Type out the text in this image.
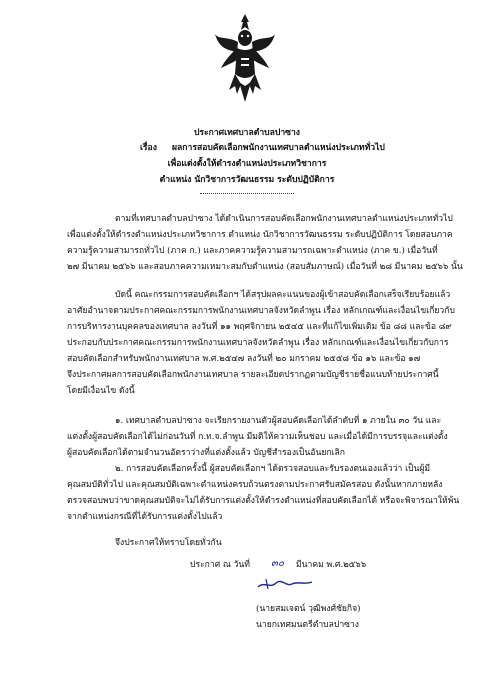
ประกาศเทศบาลตำบลปาซาง
เรื่อง ผลการสอบคัดเลือกพนักงานเทศบาลตำแหน่งประเภททั่วไป
เพื่อแต่งตั้งให้ดำรงตำแหน่งประเภทวิชาการ
ตำแหน่ง นักวิชาการวัฒนธรรม ระดับปฏิบัติการ
ตามที่เทศบาลตำบลปาซาง ได้ดำเนินการสอบคัดเลือกพนักงานเทศบาลตำแหน่งประเภททั่วไป
เพื่อแต่งตั้งให้ดำรงตำแหน่งประเภทวิชาการ ตำแหน่ง นักวิชาการวัฒนธรรม ระดับปฏิบัติการ โดยสอบภาค
ความรู้ความสามารถทั่วไป (ภาค ก.) และภาคความรู้ความสามารถเฉพาะตำแหน่ง (ภาค ข.) เมื่อวันที่
๒๗ มีนาคม ๒๕๖๖ และสอบภาคความเหมาะสมกับตำแหน่ง (สอบสัมภาษณ์) เมื่อวันที่ ๒๘ มีนาคม ๒๕๖๖ นั้น
บัดนี้ คณะกรรมการสอบคัดเลือกฯ ได้สรุปผลคะแนนของผู้เข้าสอบคัดเลือกเสร็จเรียบร้อยแล้ว
อาศัยอำนาจตามประกาศคณะกรรมการพนักงานเทศบาลจังหวัดลำพูน เรื่อง หลักเกณฑ์และเงื่อนไขเกี่ยวกับ
การบริหารงานบุคคลของเทศบาล ลงวันที่ ๑๑ พฤศจิกายน ๒๕๔๕ และที่แก้ไขเพิ่มเติม ข้อ ๘๘ และข้อ ๘๙
ประกอบกับประกาศคณะกรรมการพนักงานเทศบาลจังหวัดลำพูน เรื่อง หลักเกณฑ์และเงื่อนไขเกี่ยวกับการ
สอบคัดเลือกสำหรับพนักงานเทศบาล พ.ศ.๒๕๔๗ ลงวันที่ ๒๐ มกราคม ๒๕๕๘ ข้อ ๑๖ และข้อ ๑๗
จึงประกาศผลการสอบคัดเลือกพนักงานเทศบาล รายละเอียดปรากฏตามบัญชีรายชื่อแนบท้ายประกาศนี้
โดยมีเงื่อนไข ดังนี้
๑. เทศบาลตำบลปาซาง จะเรียกรายงานตัวผู้สอบคัดเลือกได้ลำดับที่ ๑ ภายใน ๓๐ วัน และ
แต่งตั้งผู้สอบคัดเลือกได้ไม่ก่อนวันที่ ก.ท.จ.ลำพูน มีมติให้ความเห็นชอบ และเมื่อได้มีการบรรจุและแต่งตั้ง
ผู้สอบคัดเลือกได้ตามจำนวนอัตราว่างที่แต่งตั้งแล้ว บัญชีสำรองเป็นอันยกเลิก
๒. การสอบคัดเลือกครั้งนี้ ผู้สอบคัดเลือกฯ ได้ตรวจสอบและรับรองตนเองแล้วว่า เป็นผู้มี
คุณสมบัติทั่วไป และคุณสมบัติเฉพาะตำแหน่งครบถ้วนตรงตามประกาศรับสมัครสอบ ดังนั้นหากภายหลัง
ตรวจสอบพบว่าขาดคุณสมบัติจะไม่ได้รับการแต่งตั้งให้ดำรงตำแหน่งที่สอบคัดเลือกได้ หรือจะพิจารณาให้พ้น
จากตำแหน่งกรณีที่ได้รับการแต่งตั้งไปแล้ว
จึงประกาศให้ทราบโดยทั่วกัน
ประกาศ ณ วันที่ ๓๐ มีนาคม พ.ศ.๒๕๖๖
(นายสมเจตน์ วุฒิพงศ์ชัยกิจ)
นายกเทศมนตรีตำบลปาซาง
